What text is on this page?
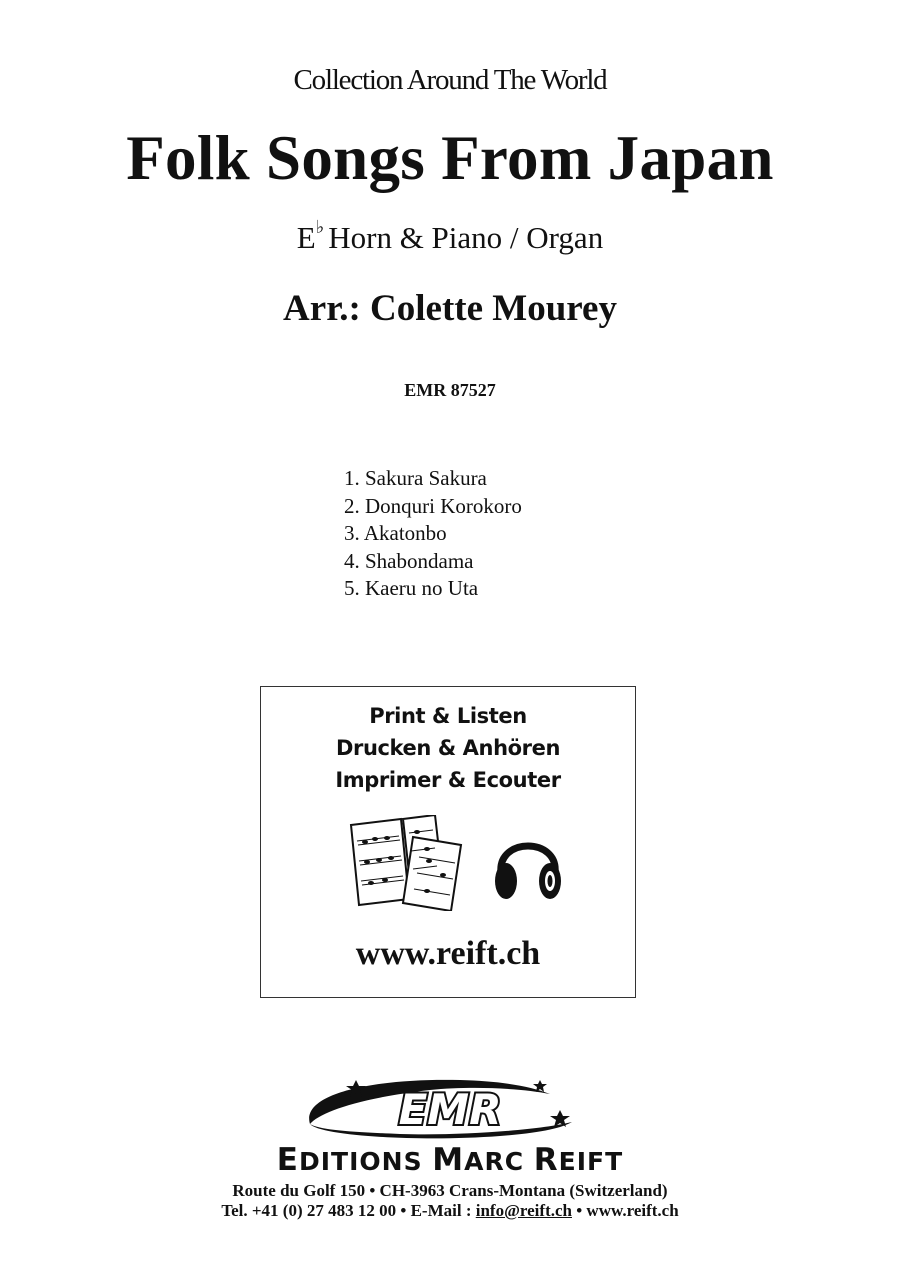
Collection Around The World
Folk Songs From Japan
E♭ Horn & Piano / Organ
Arr.: Colette Mourey
EMR 87527
1. Sakura Sakura
2. Donquri Korokoro
3. Akatonbo
4. Shabondama
5. Kaeru no Uta
Print & Listen
Drucken & Anhören
Imprimer & Ecouter
www.reift.ch
EMR
EDITIONS MARC REIFT
Route du Golf 150 • CH-3963 Crans-Montana (Switzerland)
Tel. +41 (0) 27 483 12 00 • E-Mail : info@reift.ch • www.reift.ch
